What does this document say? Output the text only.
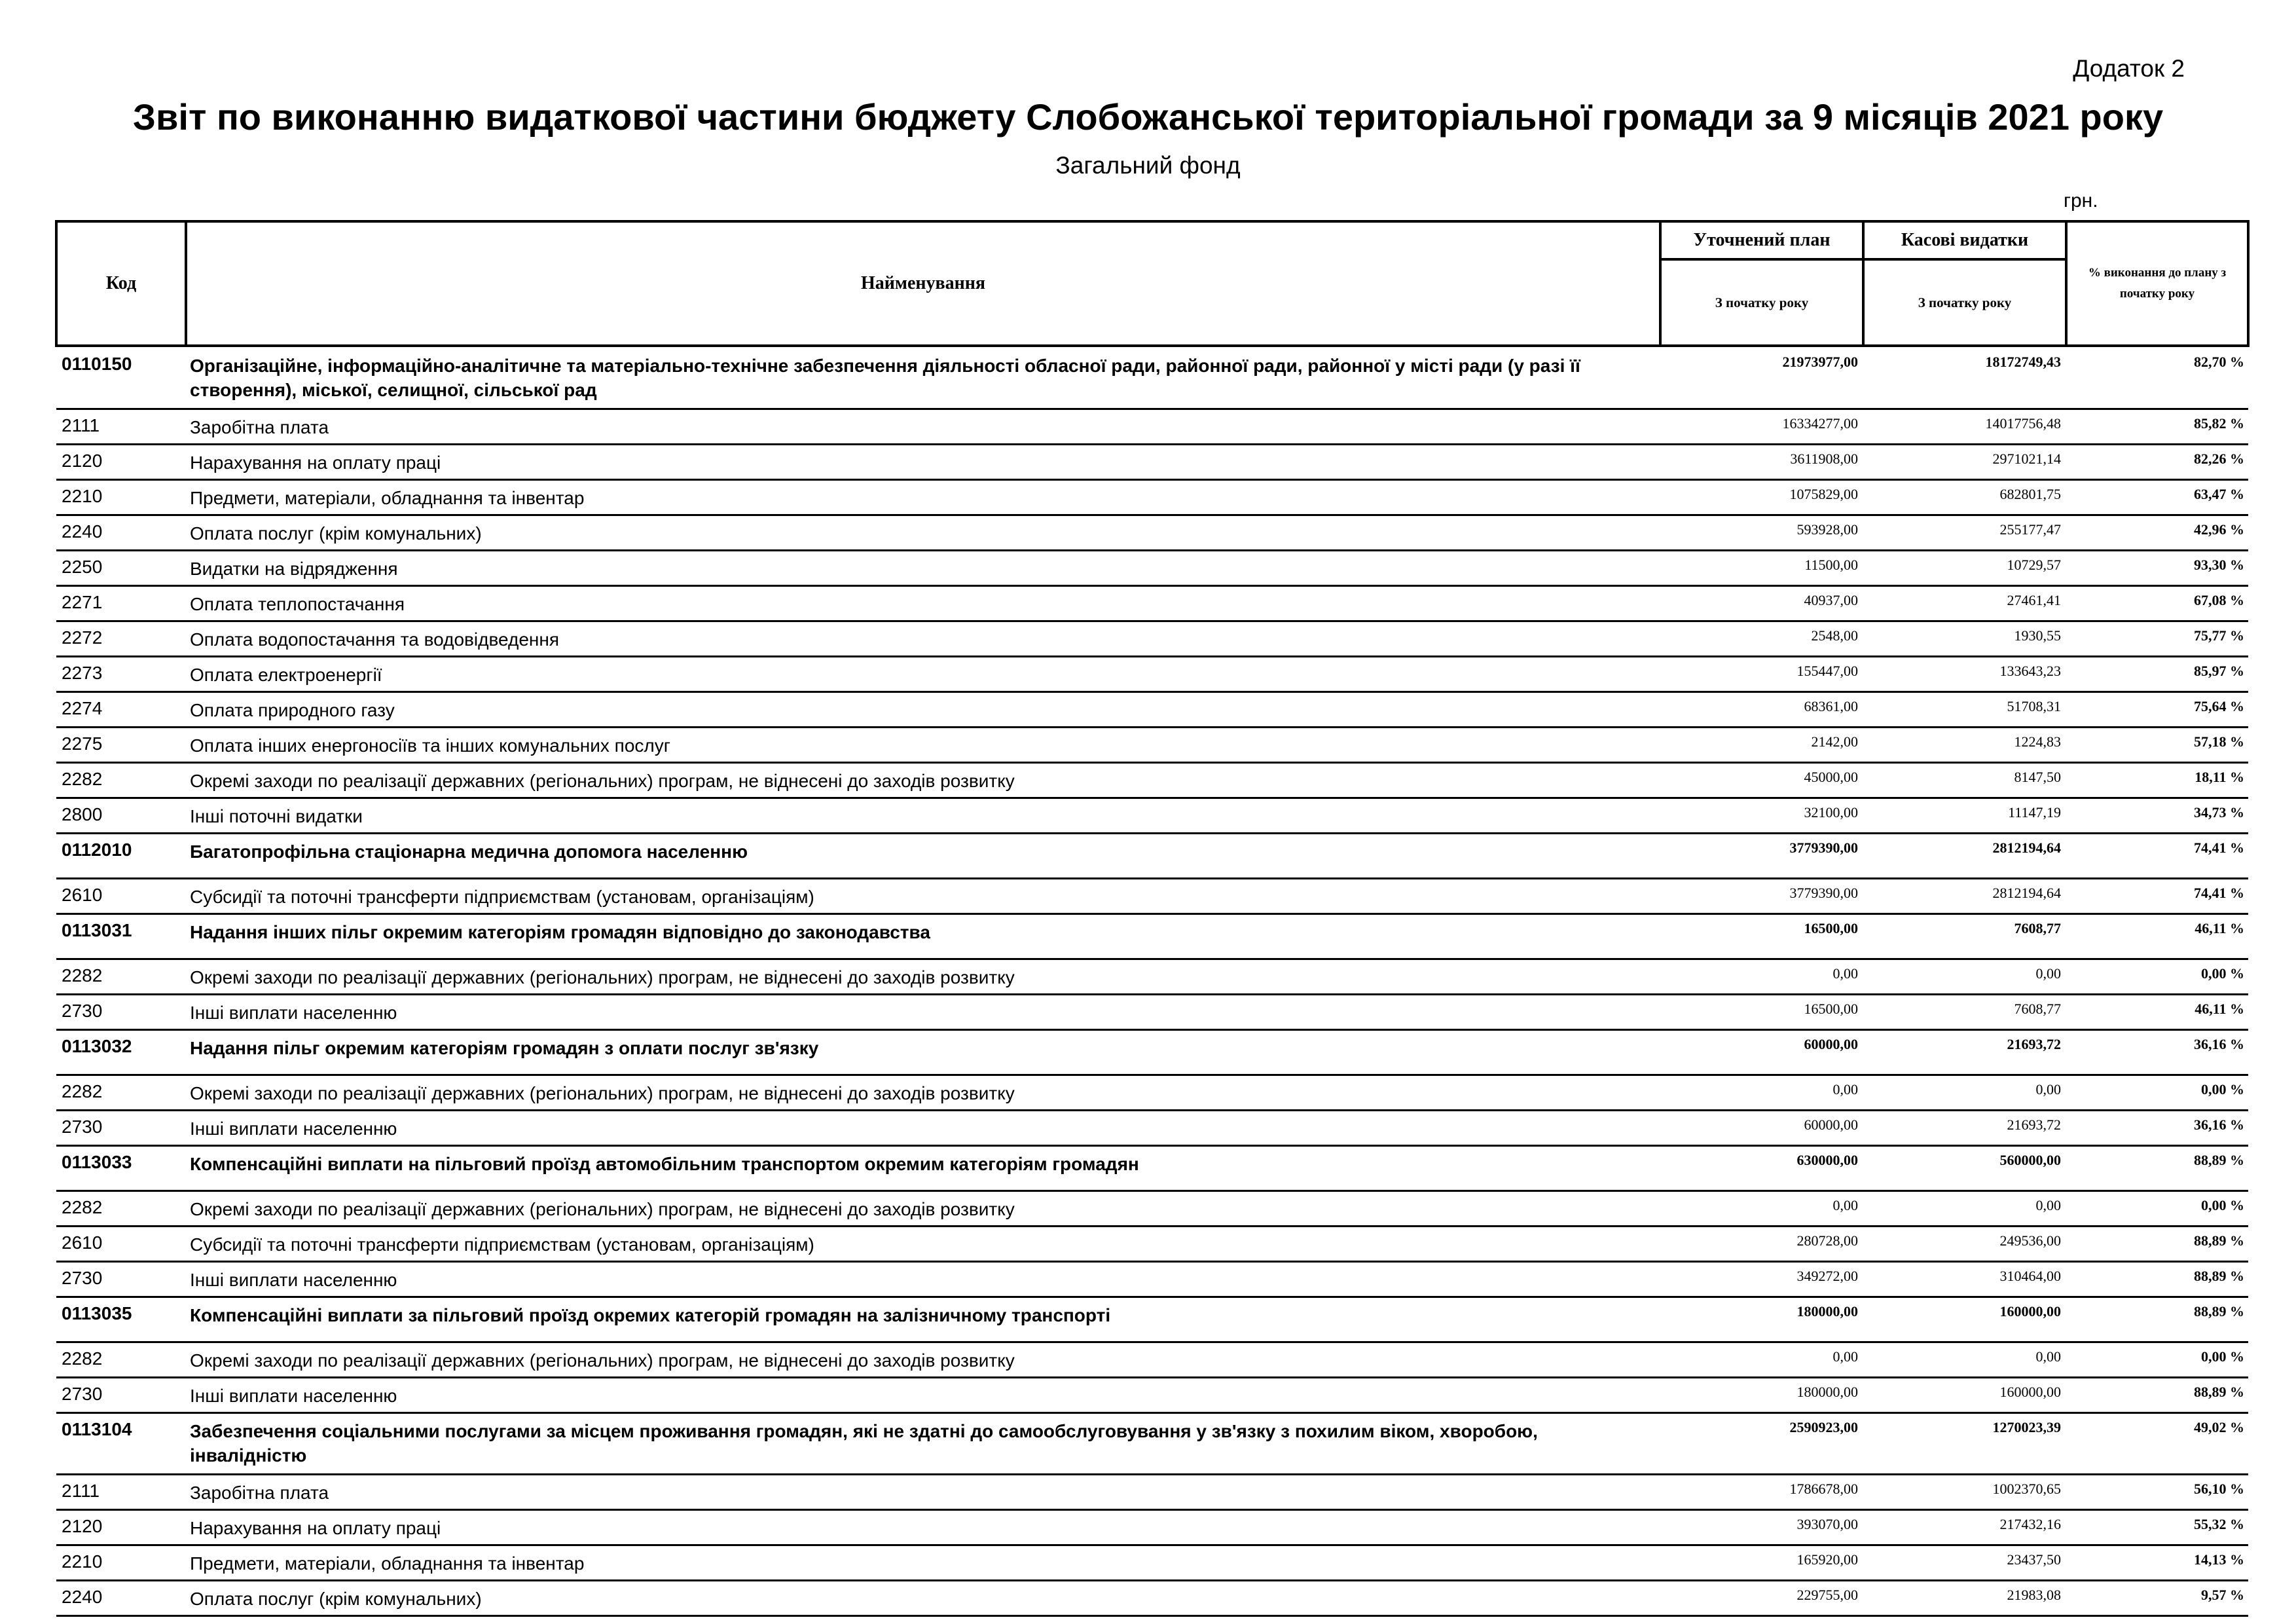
Додаток 2
Звіт по виконанню видаткової частини бюджету Слобожанської територіальної громади за 9 місяців 2021 року
Загальний фонд
грн.
Код	Найменування	Уточнений план	Касові видатки	% виконання до плану з початку року
		З початку року	З початку року	
0110150	Організаційне, інформаційно-аналітичне та матеріально-технічне забезпечення діяльності обласної ради, районної ради, районної у місті ради (у разі її створення), міської, селищної, сільської рад	21973977,00	18172749,43	82,70 %
2111	Заробітна плата	16334277,00	14017756,48	85,82 %
2120	Нарахування на оплату праці	3611908,00	2971021,14	82,26 %
2210	Предмети, матеріали, обладнання та інвентар	1075829,00	682801,75	63,47 %
2240	Оплата послуг (крім комунальних)	593928,00	255177,47	42,96 %
2250	Видатки на відрядження	11500,00	10729,57	93,30 %
2271	Оплата теплопостачання	40937,00	27461,41	67,08 %
2272	Оплата водопостачання та водовідведення	2548,00	1930,55	75,77 %
2273	Оплата електроенергії	155447,00	133643,23	85,97 %
2274	Оплата природного газу	68361,00	51708,31	75,64 %
2275	Оплата інших енергоносіїв та інших комунальних послуг	2142,00	1224,83	57,18 %
2282	Окремі заходи по реалізації державних (регіональних) програм, не віднесені до заходів розвитку	45000,00	8147,50	18,11 %
2800	Інші поточні видатки	32100,00	11147,19	34,73 %
0112010	Багатопрофільна стаціонарна медична допомога населенню	3779390,00	2812194,64	74,41 %
2610	Субсидії та поточні трансферти підприємствам (установам, організаціям)	3779390,00	2812194,64	74,41 %
0113031	Надання інших пільг окремим категоріям громадян відповідно до законодавства	16500,00	7608,77	46,11 %
2282	Окремі заходи по реалізації державних (регіональних) програм, не віднесені до заходів розвитку	0,00	0,00	0,00 %
2730	Інші виплати населенню	16500,00	7608,77	46,11 %
0113032	Надання пільг окремим категоріям громадян з оплати послуг зв'язку	60000,00	21693,72	36,16 %
2282	Окремі заходи по реалізації державних (регіональних) програм, не віднесені до заходів розвитку	0,00	0,00	0,00 %
2730	Інші виплати населенню	60000,00	21693,72	36,16 %
0113033	Компенсаційні виплати на пільговий проїзд автомобільним транспортом окремим категоріям громадян	630000,00	560000,00	88,89 %
2282	Окремі заходи по реалізації державних (регіональних) програм, не віднесені до заходів розвитку	0,00	0,00	0,00 %
2610	Субсидії та поточні трансферти підприємствам (установам, організаціям)	280728,00	249536,00	88,89 %
2730	Інші виплати населенню	349272,00	310464,00	88,89 %
0113035	Компенсаційні виплати за пільговий проїзд окремих категорій громадян на залізничному транспорті	180000,00	160000,00	88,89 %
2282	Окремі заходи по реалізації державних (регіональних) програм, не віднесені до заходів розвитку	0,00	0,00	0,00 %
2730	Інші виплати населенню	180000,00	160000,00	88,89 %
0113104	Забезпечення соціальними послугами за місцем проживання громадян, які не здатні до самообслуговування у зв'язку з похилим віком, хворобою, інвалідністю	2590923,00	1270023,39	49,02 %
2111	Заробітна плата	1786678,00	1002370,65	56,10 %
2120	Нарахування на оплату праці	393070,00	217432,16	55,32 %
2210	Предмети, матеріали, обладнання та інвентар	165920,00	23437,50	14,13 %
2240	Оплата послуг (крім комунальних)	229755,00	21983,08	9,57 %
